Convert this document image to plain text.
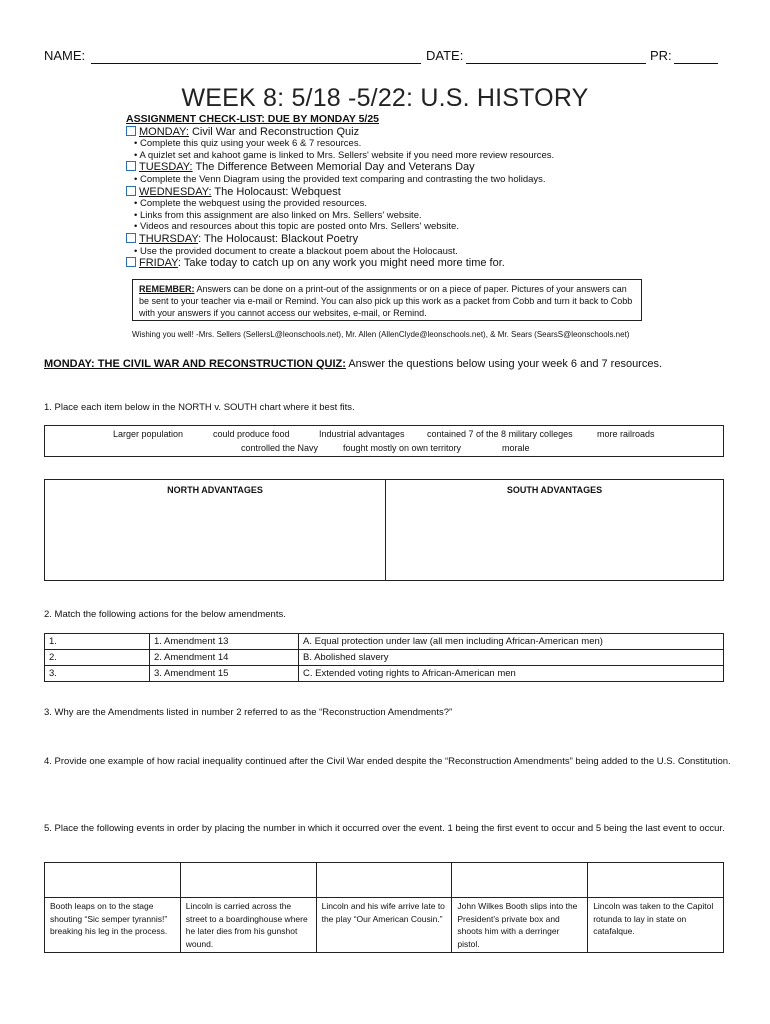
NAME:	DATE:	PR:
WEEK 8: 5/18 -5/22: U.S. HISTORY
ASSIGNMENT CHECK-LIST: DUE BY MONDAY 5/25
MONDAY: Civil War and Reconstruction Quiz
• Complete this quiz using your week 6 & 7 resources.
• A quizlet set and kahoot game is linked to Mrs. Sellers' website if you need more review resources.
TUESDAY: The Difference Between Memorial Day and Veterans Day
• Complete the Venn Diagram using the provided text comparing and contrasting the two holidays.
WEDNESDAY: The Holocaust: Webquest
• Complete the webquest using the provided resources.
• Links from this assignment are also linked on Mrs. Sellers' website.
• Videos and resources about this topic are posted onto Mrs. Sellers' website.
THURSDAY: The Holocaust: Blackout Poetry
• Use the provided document to create a blackout poem about the Holocaust.
FRIDAY: Take today to catch up on any work you might need more time for.
REMEMBER: Answers can be done on a print-out of the assignments or on a piece of paper. Pictures of your answers can be sent to your teacher via e-mail or Remind. You can also pick up this work as a packet from Cobb and turn it back to Cobb with your answers if you cannot access our websites, e-mail, or Remind.
Wishing you well! -Mrs. Sellers (SellersL@leonschools.net), Mr. Allen (AllenClyde@leonschools.net), & Mr. Sears (SearsS@leonschools.net)
MONDAY: THE CIVIL WAR AND RECONSTRUCTION QUIZ: Answer the questions below using your week 6 and 7 resources.
1. Place each item below in the NORTH v. SOUTH chart where it best fits.
Larger population	could produce food	Industrial advantages contained 7 of the 8 military colleges	more railroads
controlled the Navy	fought mostly on own territory	morale
NORTH ADVANTAGES	SOUTH ADVANTAGES
2. Match the following actions for the below amendments.
1.	1. Amendment 13	A. Equal protection under law (all men including African-American men)
2.	2. Amendment 14	B. Abolished slavery
3.	3. Amendment 15	C. Extended voting rights to African-American men
3. Why are the Amendments listed in number 2 referred to as the “Reconstruction Amendments?”
4. Provide one example of how racial inequality continued after the Civil War ended despite the “Reconstruction Amendments” being added to the U.S. Constitution.
5. Place the following events in order by placing the number in which it occurred over the event. 1 being the first event to occur and 5 being the last event to occur.

Booth leaps on to the stage shouting “Sic semper tyrannis!” breaking his leg in the process.	Lincoln is carried across the street to a boardinghouse where he later dies from his gunshot wound.	Lincoln and his wife arrive late to the play “Our American Cousin.”	John Wilkes Booth slips into the President’s private box and shoots him with a derringer pistol.	Lincoln was taken to the Capitol rotunda to lay in state on catafalque.
